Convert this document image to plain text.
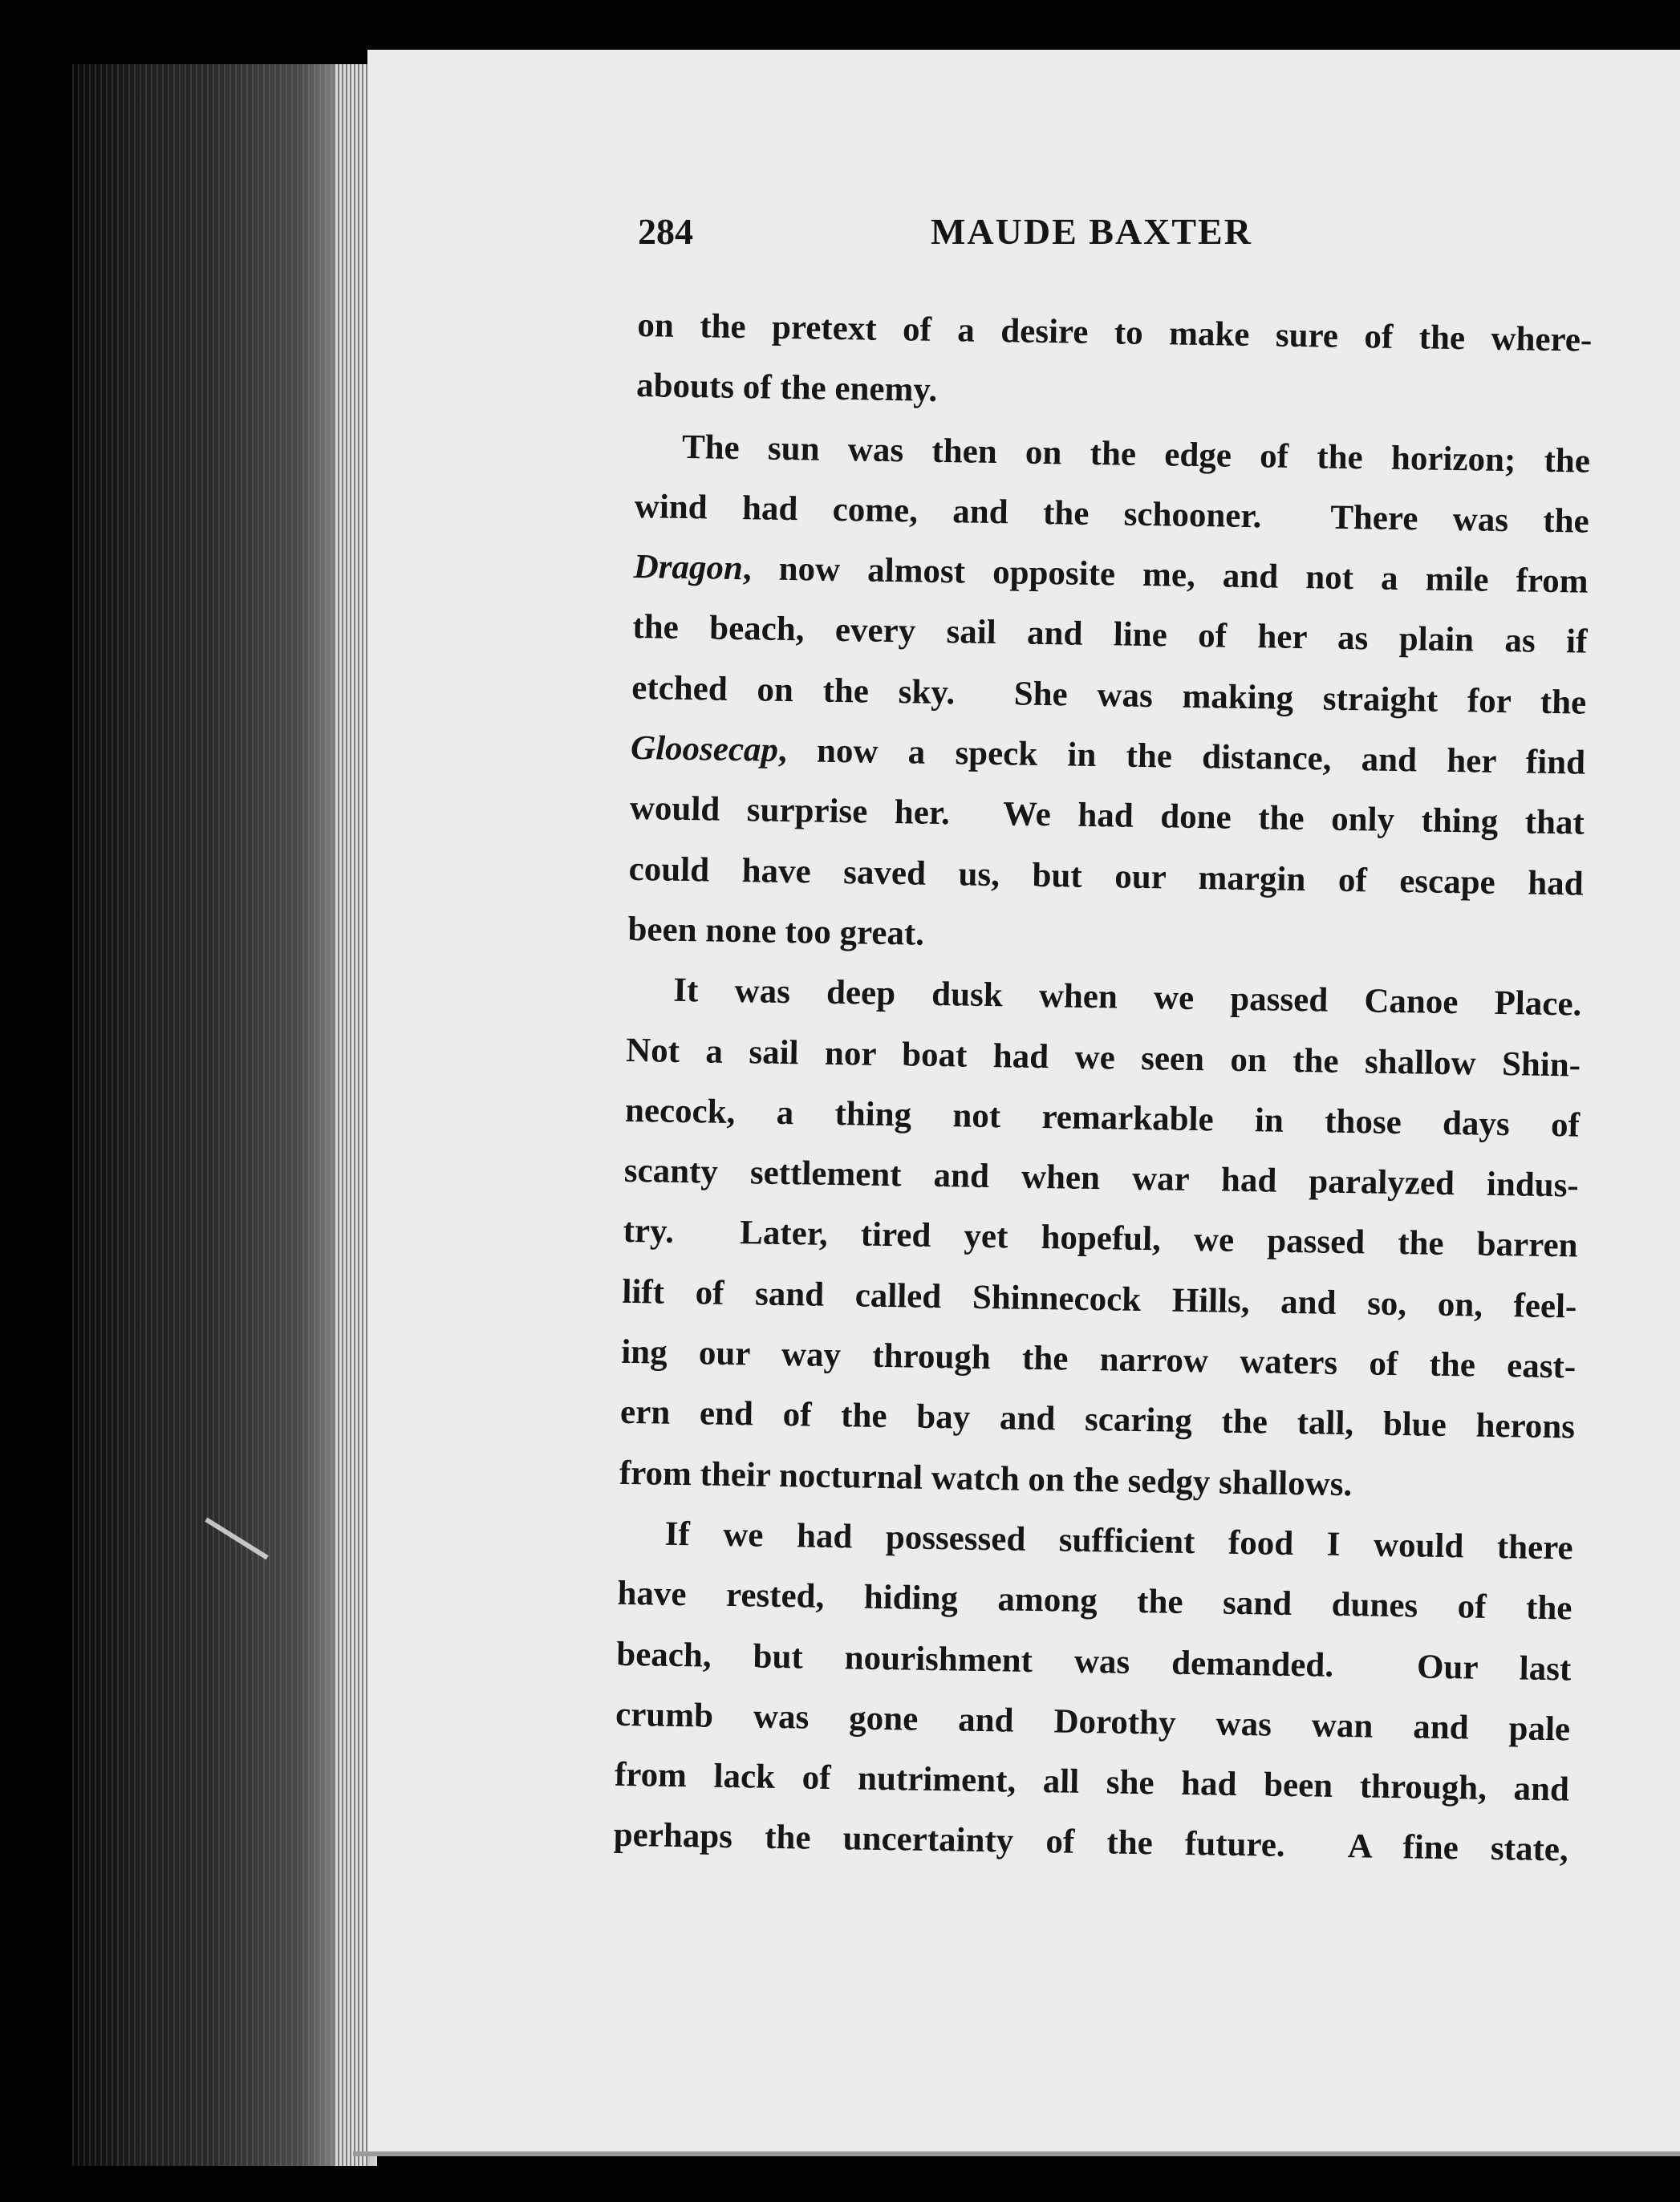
284	MAUDE BAXTER
on the pretext of a desire to make sure of the where-
abouts of the enemy.
The sun was then on the edge of the horizon; the
wind had come, and the schooner.  There was the
Dragon, now almost opposite me, and not a mile from
the beach, every sail and line of her as plain as if
etched on the sky.  She was making straight for the
Gloosecap, now a speck in the distance, and her find
would surprise her.  We had done the only thing that
could have saved us, but our margin of escape had
been none too great.
It was deep dusk when we passed Canoe Place.
Not a sail nor boat had we seen on the shallow Shin-
necock, a thing not remarkable in those days of
scanty settlement and when war had paralyzed indus-
try.  Later, tired yet hopeful, we passed the barren
lift of sand called Shinnecock Hills, and so, on, feel-
ing our way through the narrow waters of the east-
ern end of the bay and scaring the tall, blue herons
from their nocturnal watch on the sedgy shallows.
If we had possessed sufficient food I would there
have rested, hiding among the sand dunes of the
beach, but nourishment was demanded.  Our last
crumb was gone and Dorothy was wan and pale
from lack of nutriment, all she had been through, and
perhaps the uncertainty of the future.  A fine state,
